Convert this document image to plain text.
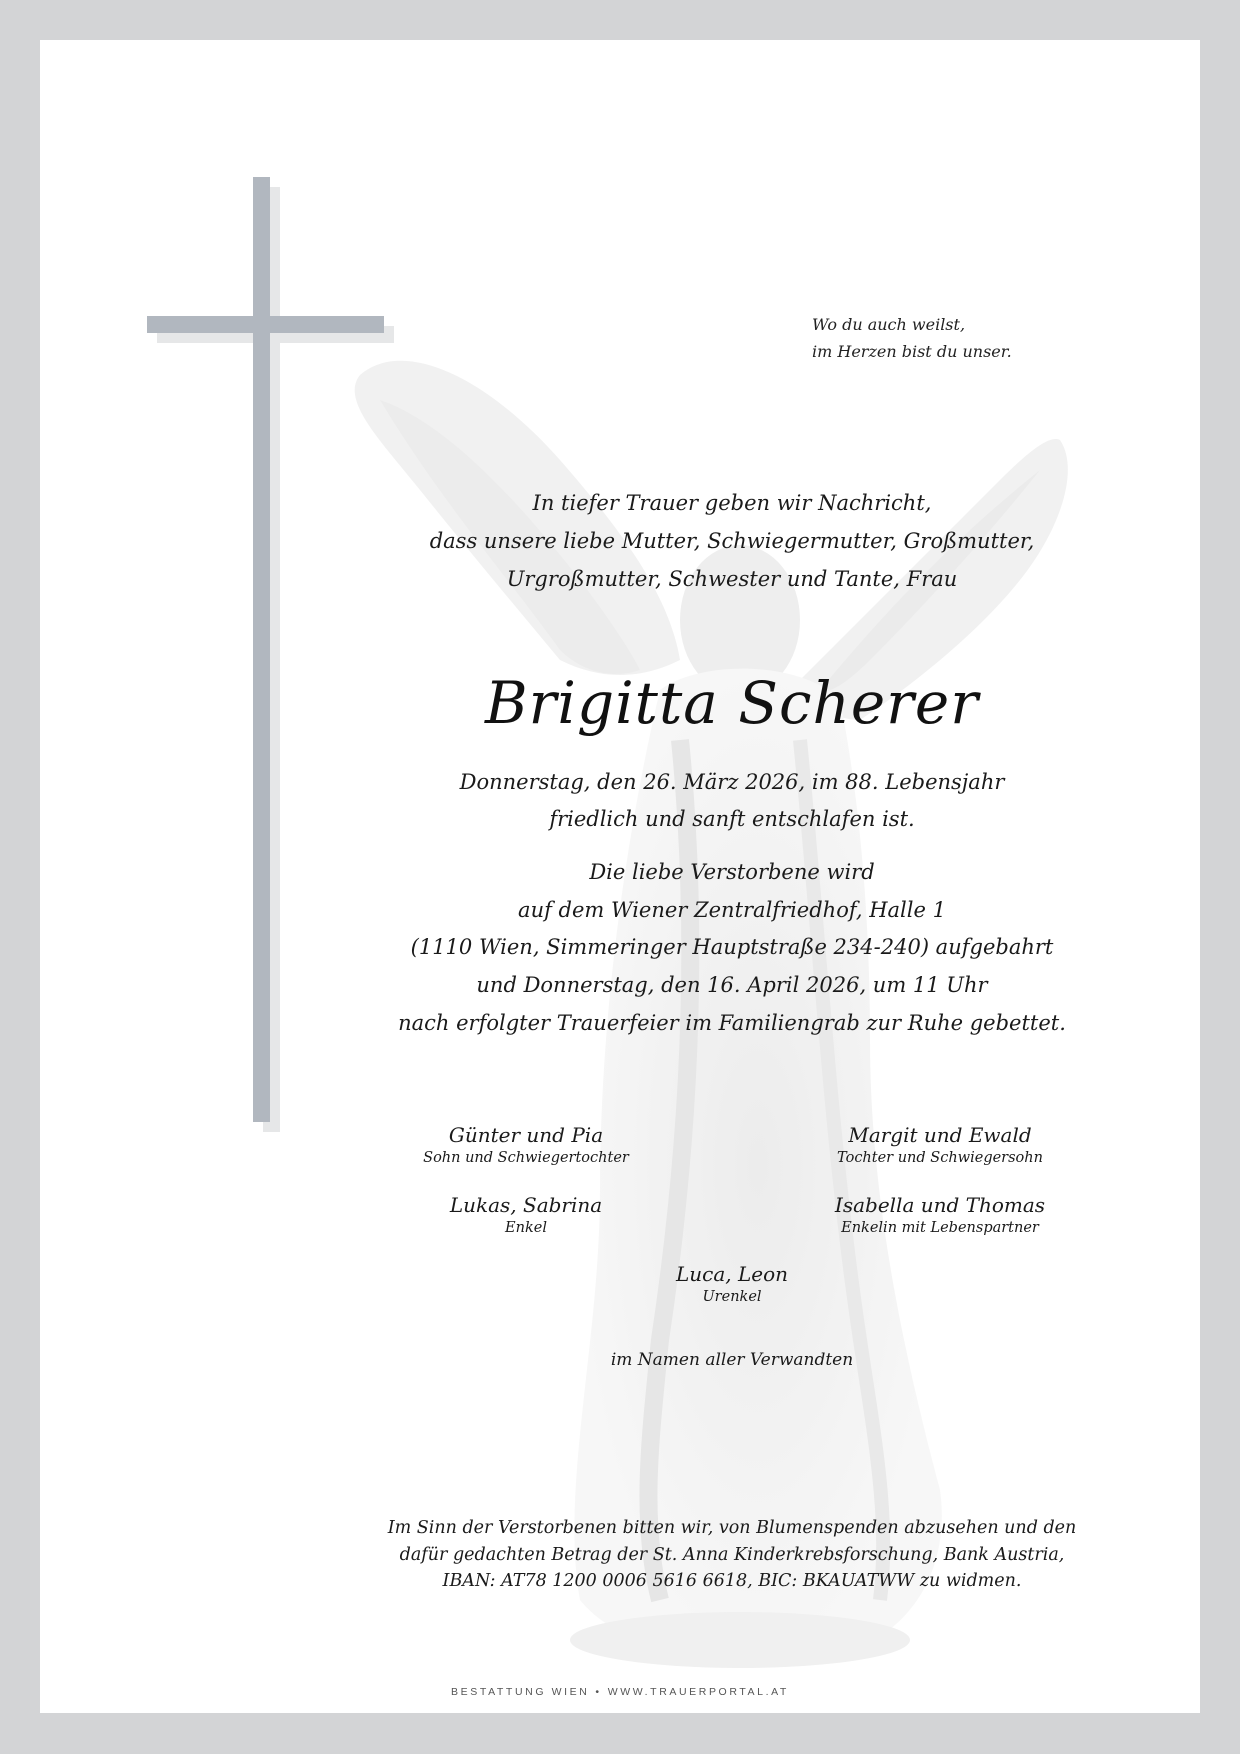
Wo du auch weilst,
im Herzen bist du unser.
In tiefer Trauer geben wir Nachricht,
dass unsere liebe Mutter, Schwiegermutter, Großmutter,
Urgroßmutter, Schwester und Tante, Frau
Brigitta Scherer
Donnerstag, den 26. März 2026, im 88. Lebensjahr
friedlich und sanft entschlafen ist.
Die liebe Verstorbene wird
auf dem Wiener Zentralfriedhof, Halle 1
(1110 Wien, Simmeringer Hauptstraße 234-240) aufgebahrt
und Donnerstag, den 16. April 2026, um 11 Uhr
nach erfolgter Trauerfeier im Familiengrab zur Ruhe gebettet.
Günter und Pia
Sohn und Schwiegertochter
Margit und Ewald
Tochter und Schwiegersohn
Lukas, Sabrina
Enkel
Isabella und Thomas
Enkelin mit Lebenspartner
Luca, Leon
Urenkel
im Namen aller Verwandten
Im Sinn der Verstorbenen bitten wir, von Blumenspenden abzusehen und den
dafür gedachten Betrag der St. Anna Kinderkrebsforschung, Bank Austria,
IBAN: AT78 1200 0006 5616 6618, BIC: BKAUATWW zu widmen.
BESTATTUNG WIEN • WWW.TRAUERPORTAL.AT
